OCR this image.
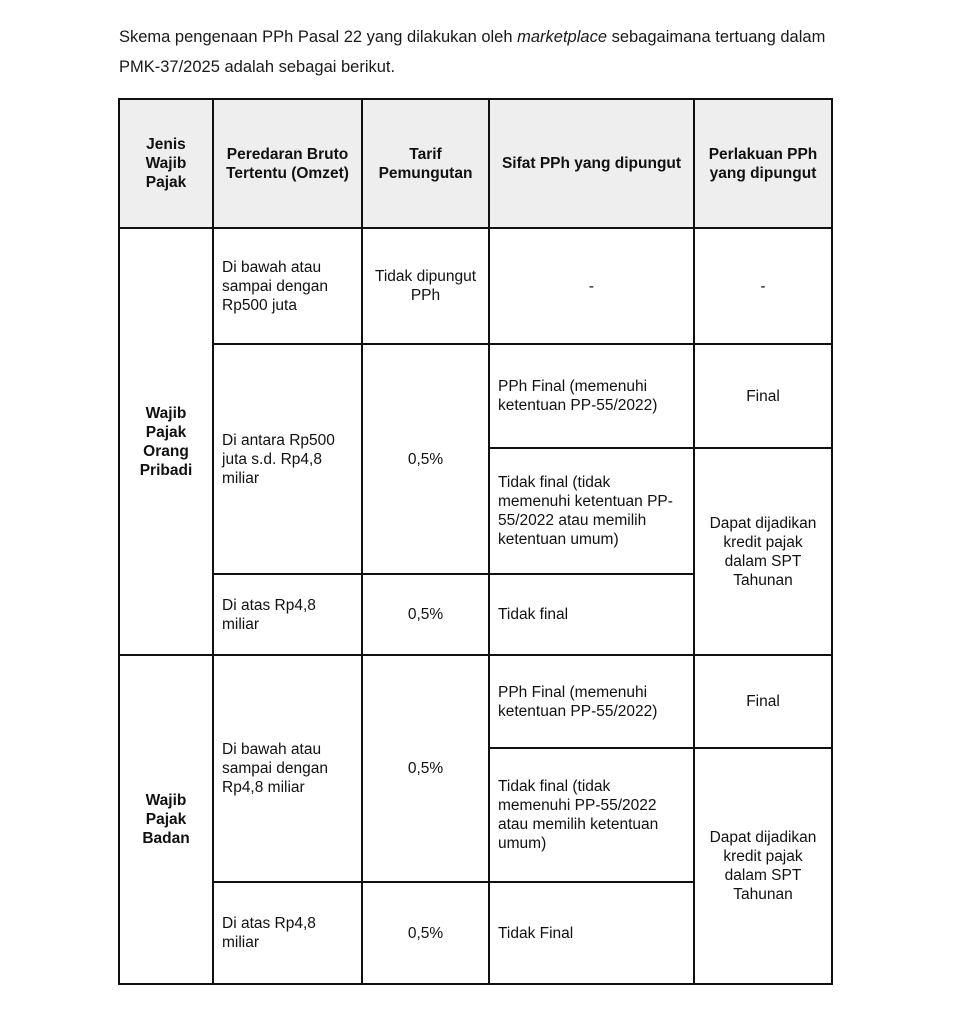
Skema pengenaan PPh Pasal 22 yang dilakukan oleh marketplace sebagaimana tertuang dalam PMK-37/2025 adalah sebagai berikut.

Jenis Wajib Pajak	Peredaran Bruto Tertentu (Omzet)	Tarif Pemungutan	Sifat PPh yang dipungut	Perlakuan PPh yang dipungut
Wajib Pajak Orang Pribadi	Di bawah atau sampai dengan Rp500 juta	Tidak dipungut PPh	-	-
	Di antara Rp500 juta s.d. Rp4,8 miliar	0,5%	PPh Final (memenuhi ketentuan PP-55/2022)	Final
			Tidak final (tidak memenuhi ketentuan PP-55/2022 atau memilih ketentuan umum)	Dapat dijadikan kredit pajak dalam SPT Tahunan
	Di atas Rp4,8 miliar	0,5%	Tidak final	
Wajib Pajak Badan	Di bawah atau sampai dengan Rp4,8 miliar	0,5%	PPh Final (memenuhi ketentuan PP-55/2022)	Final
			Tidak final (tidak memenuhi PP-55/2022 atau memilih ketentuan umum)	Dapat dijadikan kredit pajak dalam SPT Tahunan
	Di atas Rp4,8 miliar	0,5%	Tidak Final	
